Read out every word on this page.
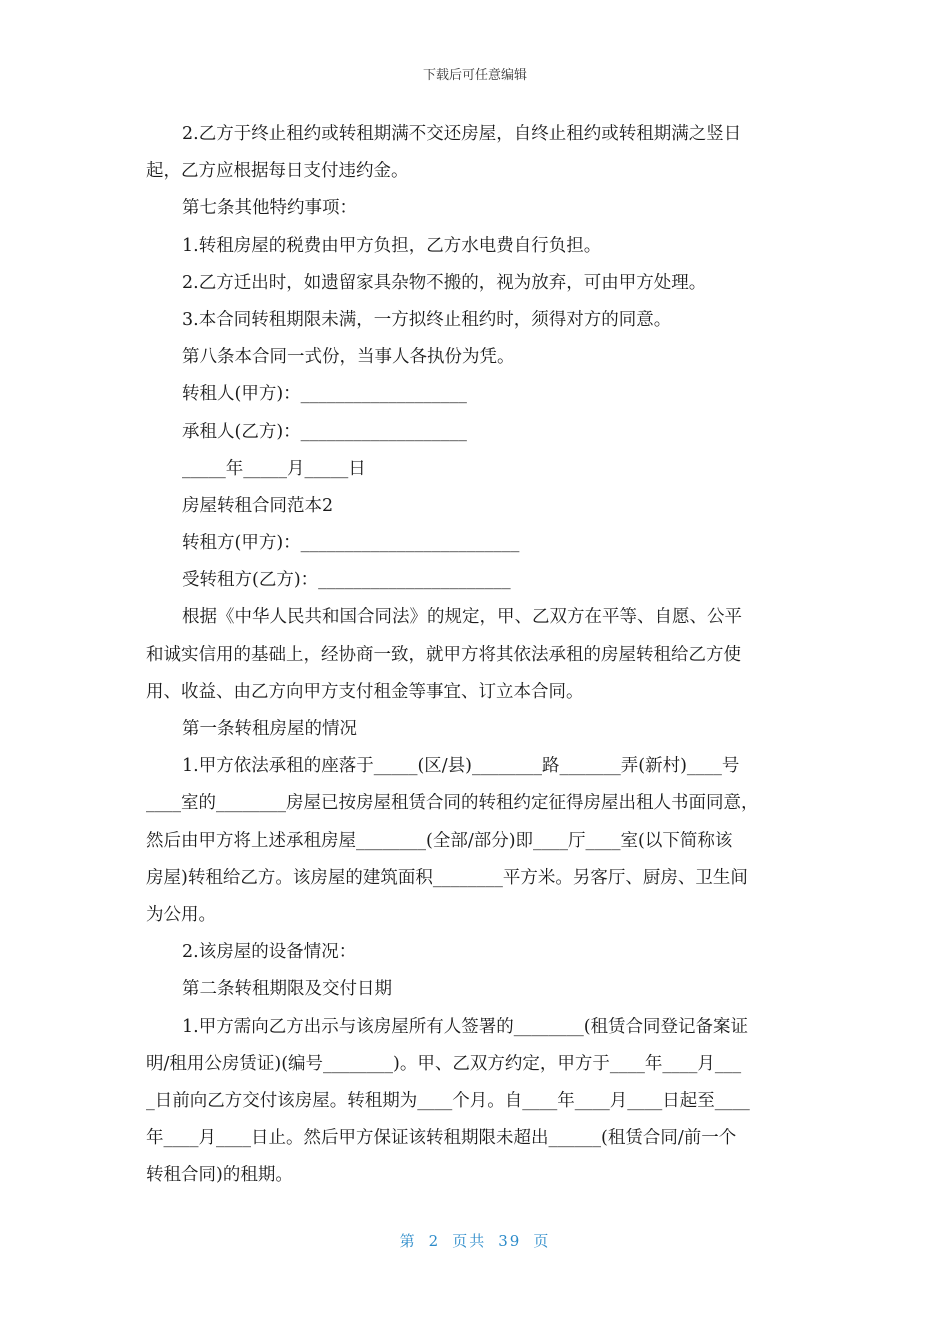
下载后可任意编辑
2.乙方于终止租约或转租期满不交还房屋，自终止租约或转租期满之竖日
起，乙方应根据每日支付违约金。
第七条其他特约事项：
1.转租房屋的税费由甲方负担，乙方水电费自行负担。
2.乙方迁出时，如遗留家具杂物不搬的，视为放弃，可由甲方处理。
3.本合同转租期限未满，一方拟终止租约时，须得对方的同意。
第八条本合同一式份，当事人各执份为凭。
转租人(甲方)：___________________
承租人(乙方)：___________________
_____年_____月_____日
房屋转租合同范本2
转租方(甲方)：_________________________
受转租方(乙方)：______________________
根据《中华人民共和国合同法》的规定，甲、乙双方在平等、自愿、公平
和诚实信用的基础上，经协商一致，就甲方将其依法承租的房屋转租给乙方使
用、收益、由乙方向甲方支付租金等事宜、订立本合同。
第一条转租房屋的情况
1.甲方依法承租的座落于_____(区/县)________路_______弄(新村)____号
____室的________房屋已按房屋租赁合同的转租约定征得房屋出租人书面同意，
然后由甲方将上述承租房屋________(全部/部分)即____厅____室(以下简称该
房屋)转租给乙方。该房屋的建筑面积________平方米。另客厅、厨房、卫生间
为公用。
2.该房屋的设备情况：
第二条转租期限及交付日期
1.甲方需向乙方出示与该房屋所有人签署的________(租赁合同登记备案证
明/租用公房赁证)(编号________)。甲、乙双方约定，甲方于____年____月___
_日前向乙方交付该房屋。转租期为____个月。自____年____月____日起至____
年____月____日止。然后甲方保证该转租期限未超出______(租赁合同/前一个
转租合同)的租期。
第 2 页共 39 页
